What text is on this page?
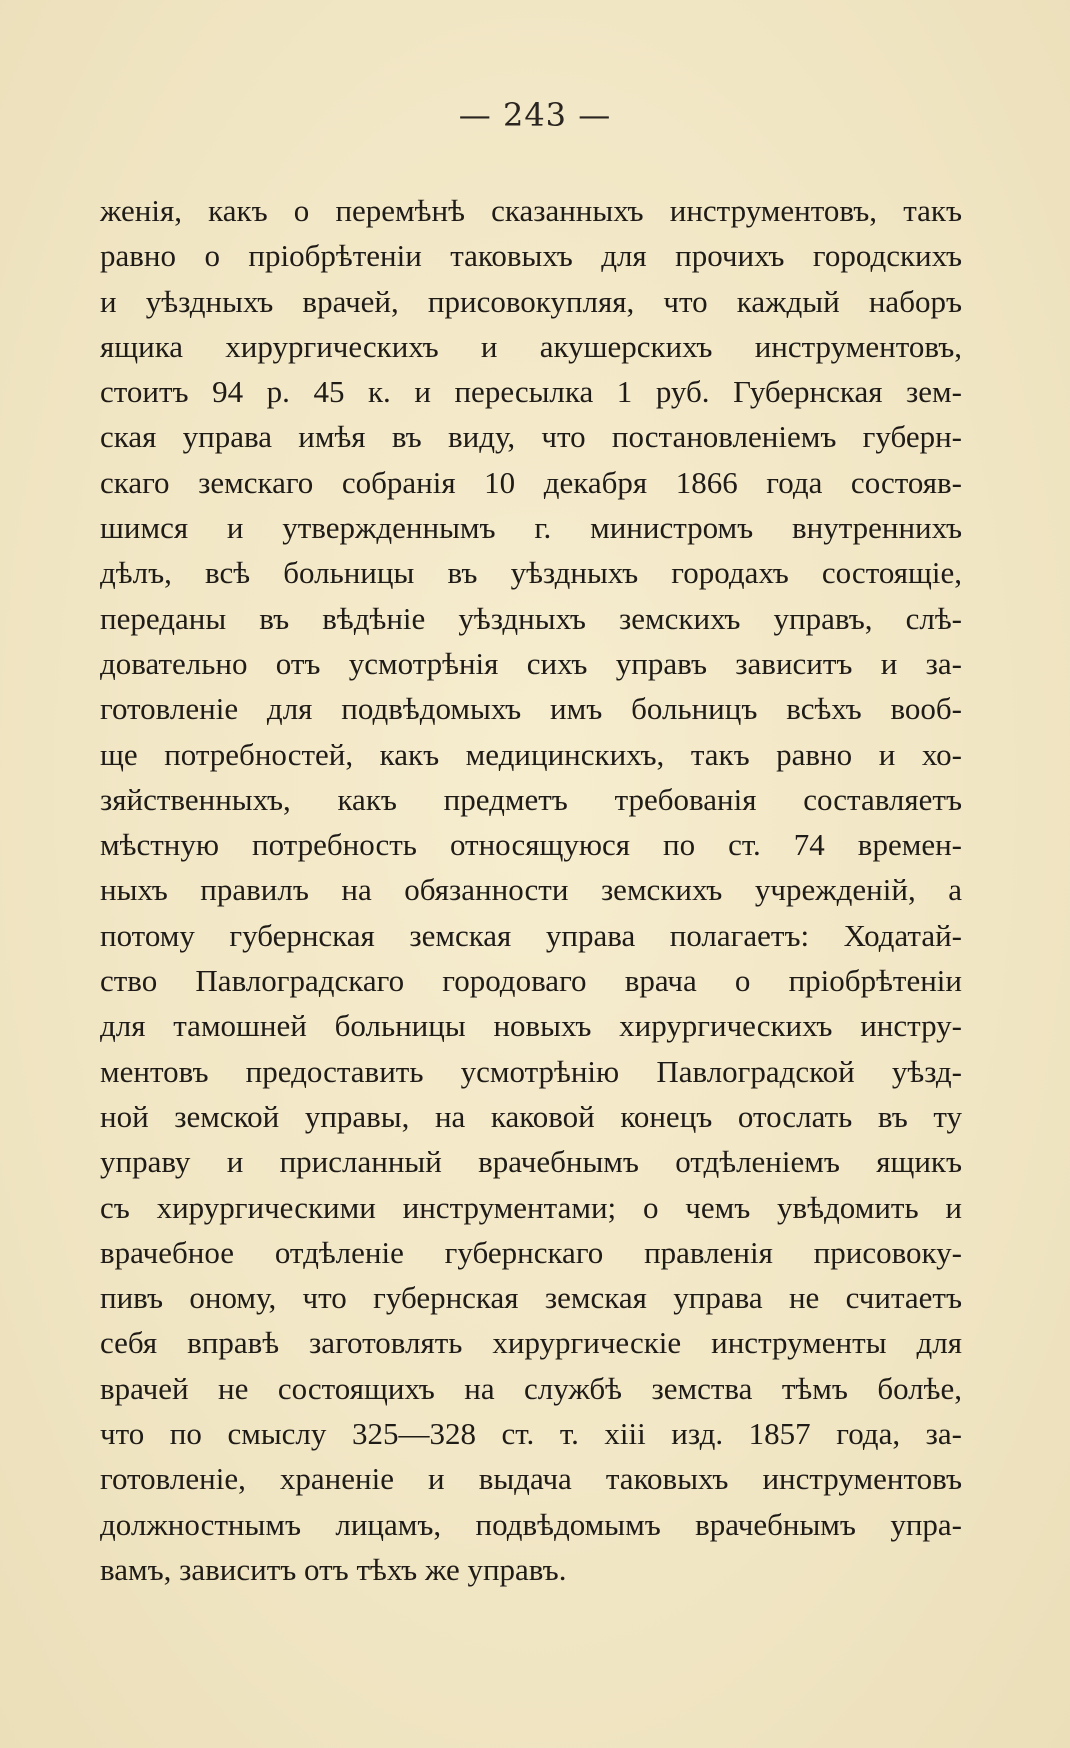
— 243 —
женія, какъ о перемѣнѣ сказанныхъ инструментовъ, такъ
равно о пріобрѣтеніи таковыхъ для прочихъ городскихъ
и уѣздныхъ врачей, присовокупляя, что каждый наборъ
ящика хирургическихъ и акушерскихъ инструментовъ,
стоитъ 94 р. 45 к. и пересылка 1 руб. Губернская зем-
ская управа имѣя въ виду, что постановленіемъ губерн-
скаго земскаго собранія 10 декабря 1866 года состояв-
шимся и утвержденнымъ г. министромъ внутреннихъ
дѣлъ, всѣ больницы въ уѣздныхъ городахъ состоящіе,
переданы въ вѣдѣніе уѣздныхъ земскихъ управъ, слѣ-
довательно отъ усмотрѣнія сихъ управъ зависитъ и за-
готовленіе для подвѣдомыхъ имъ больницъ всѣхъ вооб-
ще потребностей, какъ медицинскихъ, такъ равно и хо-
зяйственныхъ, какъ предметъ требованія составляетъ
мѣстную потребность относящуюся по ст. 74 времен-
ныхъ правилъ на обязанности земскихъ учрежденій, а
потому губернская земская управа полагаетъ: Ходатай-
ство Павлоградскаго городоваго врача о пріобрѣтеніи
для тамошней больницы новыхъ хирургическихъ инстру-
ментовъ предоставить усмотрѣнію Павлоградской уѣзд-
ной земской управы, на каковой конецъ отослать въ ту
управу и присланный врачебнымъ отдѣленіемъ ящикъ
съ хирургическими инструментами; о чемъ увѣдомить и
врачебное отдѣленіе губернскаго правленія присовоку-
пивъ оному, что губернская земская управа не считаетъ
себя вправѣ заготовлять хирургическіе инструменты для
врачей не состоящихъ на службѣ земства тѣмъ болѣе,
что по смыслу 325—328 ст. т. xiii изд. 1857 года, за-
готовленіе, храненіе и выдача таковыхъ инструментовъ
должностнымъ лицамъ, подвѣдомымъ врачебнымъ упра-
вамъ, зависитъ отъ тѣхъ же управъ.
